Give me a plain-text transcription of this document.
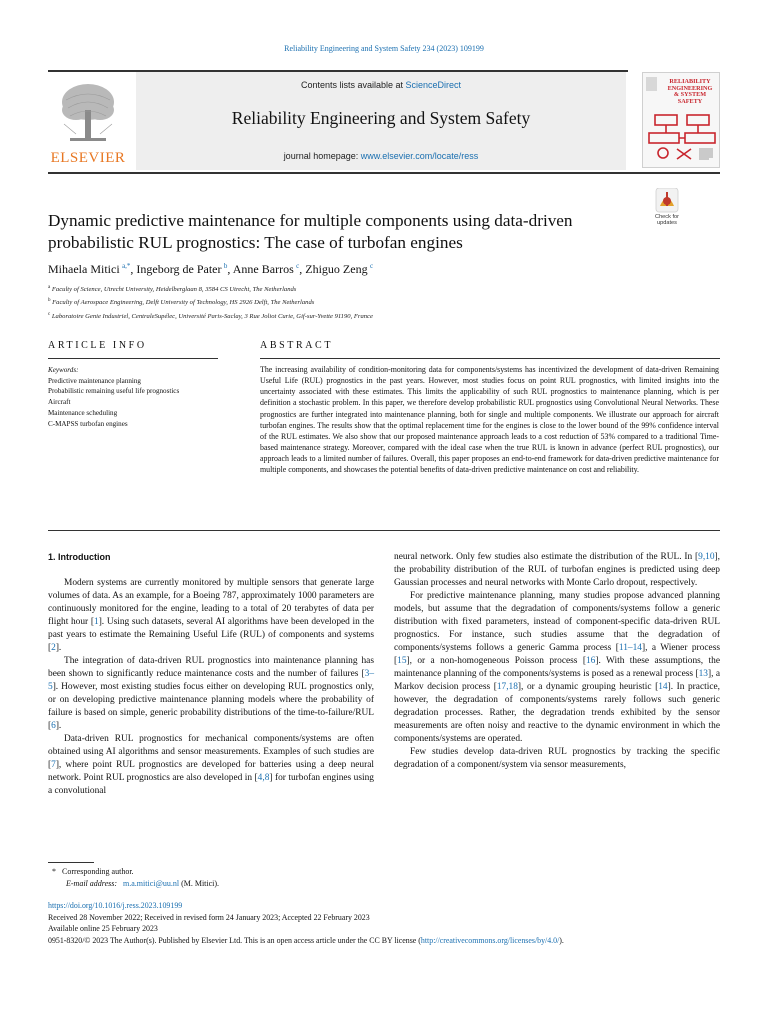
Reliability Engineering and System Safety 234 (2023) 109199
ELSEVIER
Contents lists available at ScienceDirect
Reliability Engineering and System Safety
journal homepage: www.elsevier.com/locate/ress
RELIABILITY
ENGINEERING
& SYSTEM
SAFETY
Check for
updates
Dynamic predictive maintenance for multiple components using data-driven
probabilistic RUL prognostics: The case of turbofan engines
Mihaela Mitici  $^{a,*}$, Ingeborg de Pater  $^b$, Anne Barros  $^c$, Zhiguo Zeng  $^c$
$^a$ Faculty of Science, Utrecht University, Heidelberglaan 8, 3584 CS Utrecht, The Netherlands
$^b$ Faculty of Aerospace Engineering, Delft University of Technology, HS 2926 Delft, The Netherlands
$^c$ Laboratoire Genie Industriel, CentraleSupélec, Université Paris-Saclay, 3 Rue Joliot Curie, Gif-sur-Yvette 91190, France
ARTICLE INFO	ABSTRACT
Keywords:
Predictive maintenance planning
Probabilistic remaining useful life prognostics
Aircraft
Maintenance scheduling
C-MAPSS turbofan engines
The increasing availability of condition-monitoring data for components/systems has incentivized the development of data-driven Remaining Useful Life (RUL) prognostics in the past years. However, most studies focus on point RUL prognostics, with limited insights into the uncertainty associated with these estimates. This limits the applicability of such RUL prognostics to maintenance planning, which is per definition a stochastic problem. In this paper, we therefore develop probabilistic RUL prognostics using Convolutional Neural Networks. These prognostics are further integrated into maintenance planning, both for single and multiple components. We illustrate our approach for aircraft turbofan engines. The results show that the optimal replacement time for the engines is close to the lower bound of the 99% confidence interval of the RUL estimates. We also show that our proposed maintenance approach leads to a cost reduction of 53% compared to a traditional Time-based maintenance strategy. Moreover, compared with the ideal case when the true RUL is known in advance (perfect RUL prognostics), our approach leads to a limited number of failures. Overall, this paper proposes an end-to-end framework for data-driven predictive maintenance for multiple components, and showcases the potential benefits of data-driven predictive maintenance on cost and reliability.
1. Introduction

Modern systems are currently monitored by multiple sensors that generate large volumes of data. As an example, for a Boeing 787, approximately 1000 parameters are continuously monitored for the engine, leading to a total of 20 terabytes of data per flight hour [1]. Using such datasets, several AI algorithms have been developed in the past years to estimate the Remaining Useful Life (RUL) of components and systems [2].

The integration of data-driven RUL prognostics into maintenance planning has been shown to significantly reduce maintenance costs and the number of failures [3–5]. However, most existing studies focus either on developing RUL prognostics only, or on developing predictive maintenance planning models where the probability of failure is based on simple, generic probability distributions of the time-to-failure/RUL [6].

Data-driven RUL prognostics for mechanical components/systems are often obtained using AI algorithms and sensor measurements. Examples of such studies are [7], where point RUL prognostics are developed for batteries using a deep neural network. Point RUL prognostics are also developed in [4,8] for turbofan engines using a convolutional

neural network. Only few studies also estimate the distribution of the RUL. In [9,10], the probability distribution of the RUL of turbofan engines is predicted using deep Gaussian processes and neural networks with Monte Carlo dropout, respectively.

For predictive maintenance planning, many studies propose advanced planning models, but assume that the degradation of components/systems follow a generic distribution with fixed parameters, instead of component-specific data-driven RUL prognostics. For instance, such studies assume that the degradation of components/systems follows a generic Gamma process [11–14], a Wiener process [15], or a non-homogeneous Poisson process [16]. With these assumptions, the maintenance planning of the components/systems is posed as a renewal process [13], a Markov decision process [17,18], or a dynamic grouping heuristic [14]. In practice, however, the degradation of components/systems rarely follows such generic degradation processes. Rather, the degradation trends exhibited by the sensor measurements are often noisy and reactive to the dynamic environment in which the components/systems are operated.

Few studies develop data-driven RUL prognostics by tracking the specific degradation of a component/system via sensor measurements,

* Corresponding author.
E-mail address: m.a.mitici@uu.nl (M. Mitici).
https://doi.org/10.1016/j.ress.2023.109199
Received 28 November 2022; Received in revised form 24 January 2023; Accepted 22 February 2023
Available online 25 February 2023
0951-8320/© 2023 The Author(s). Published by Elsevier Ltd. This is an open access article under the CC BY license (http://creativecommons.org/licenses/by/4.0/).
